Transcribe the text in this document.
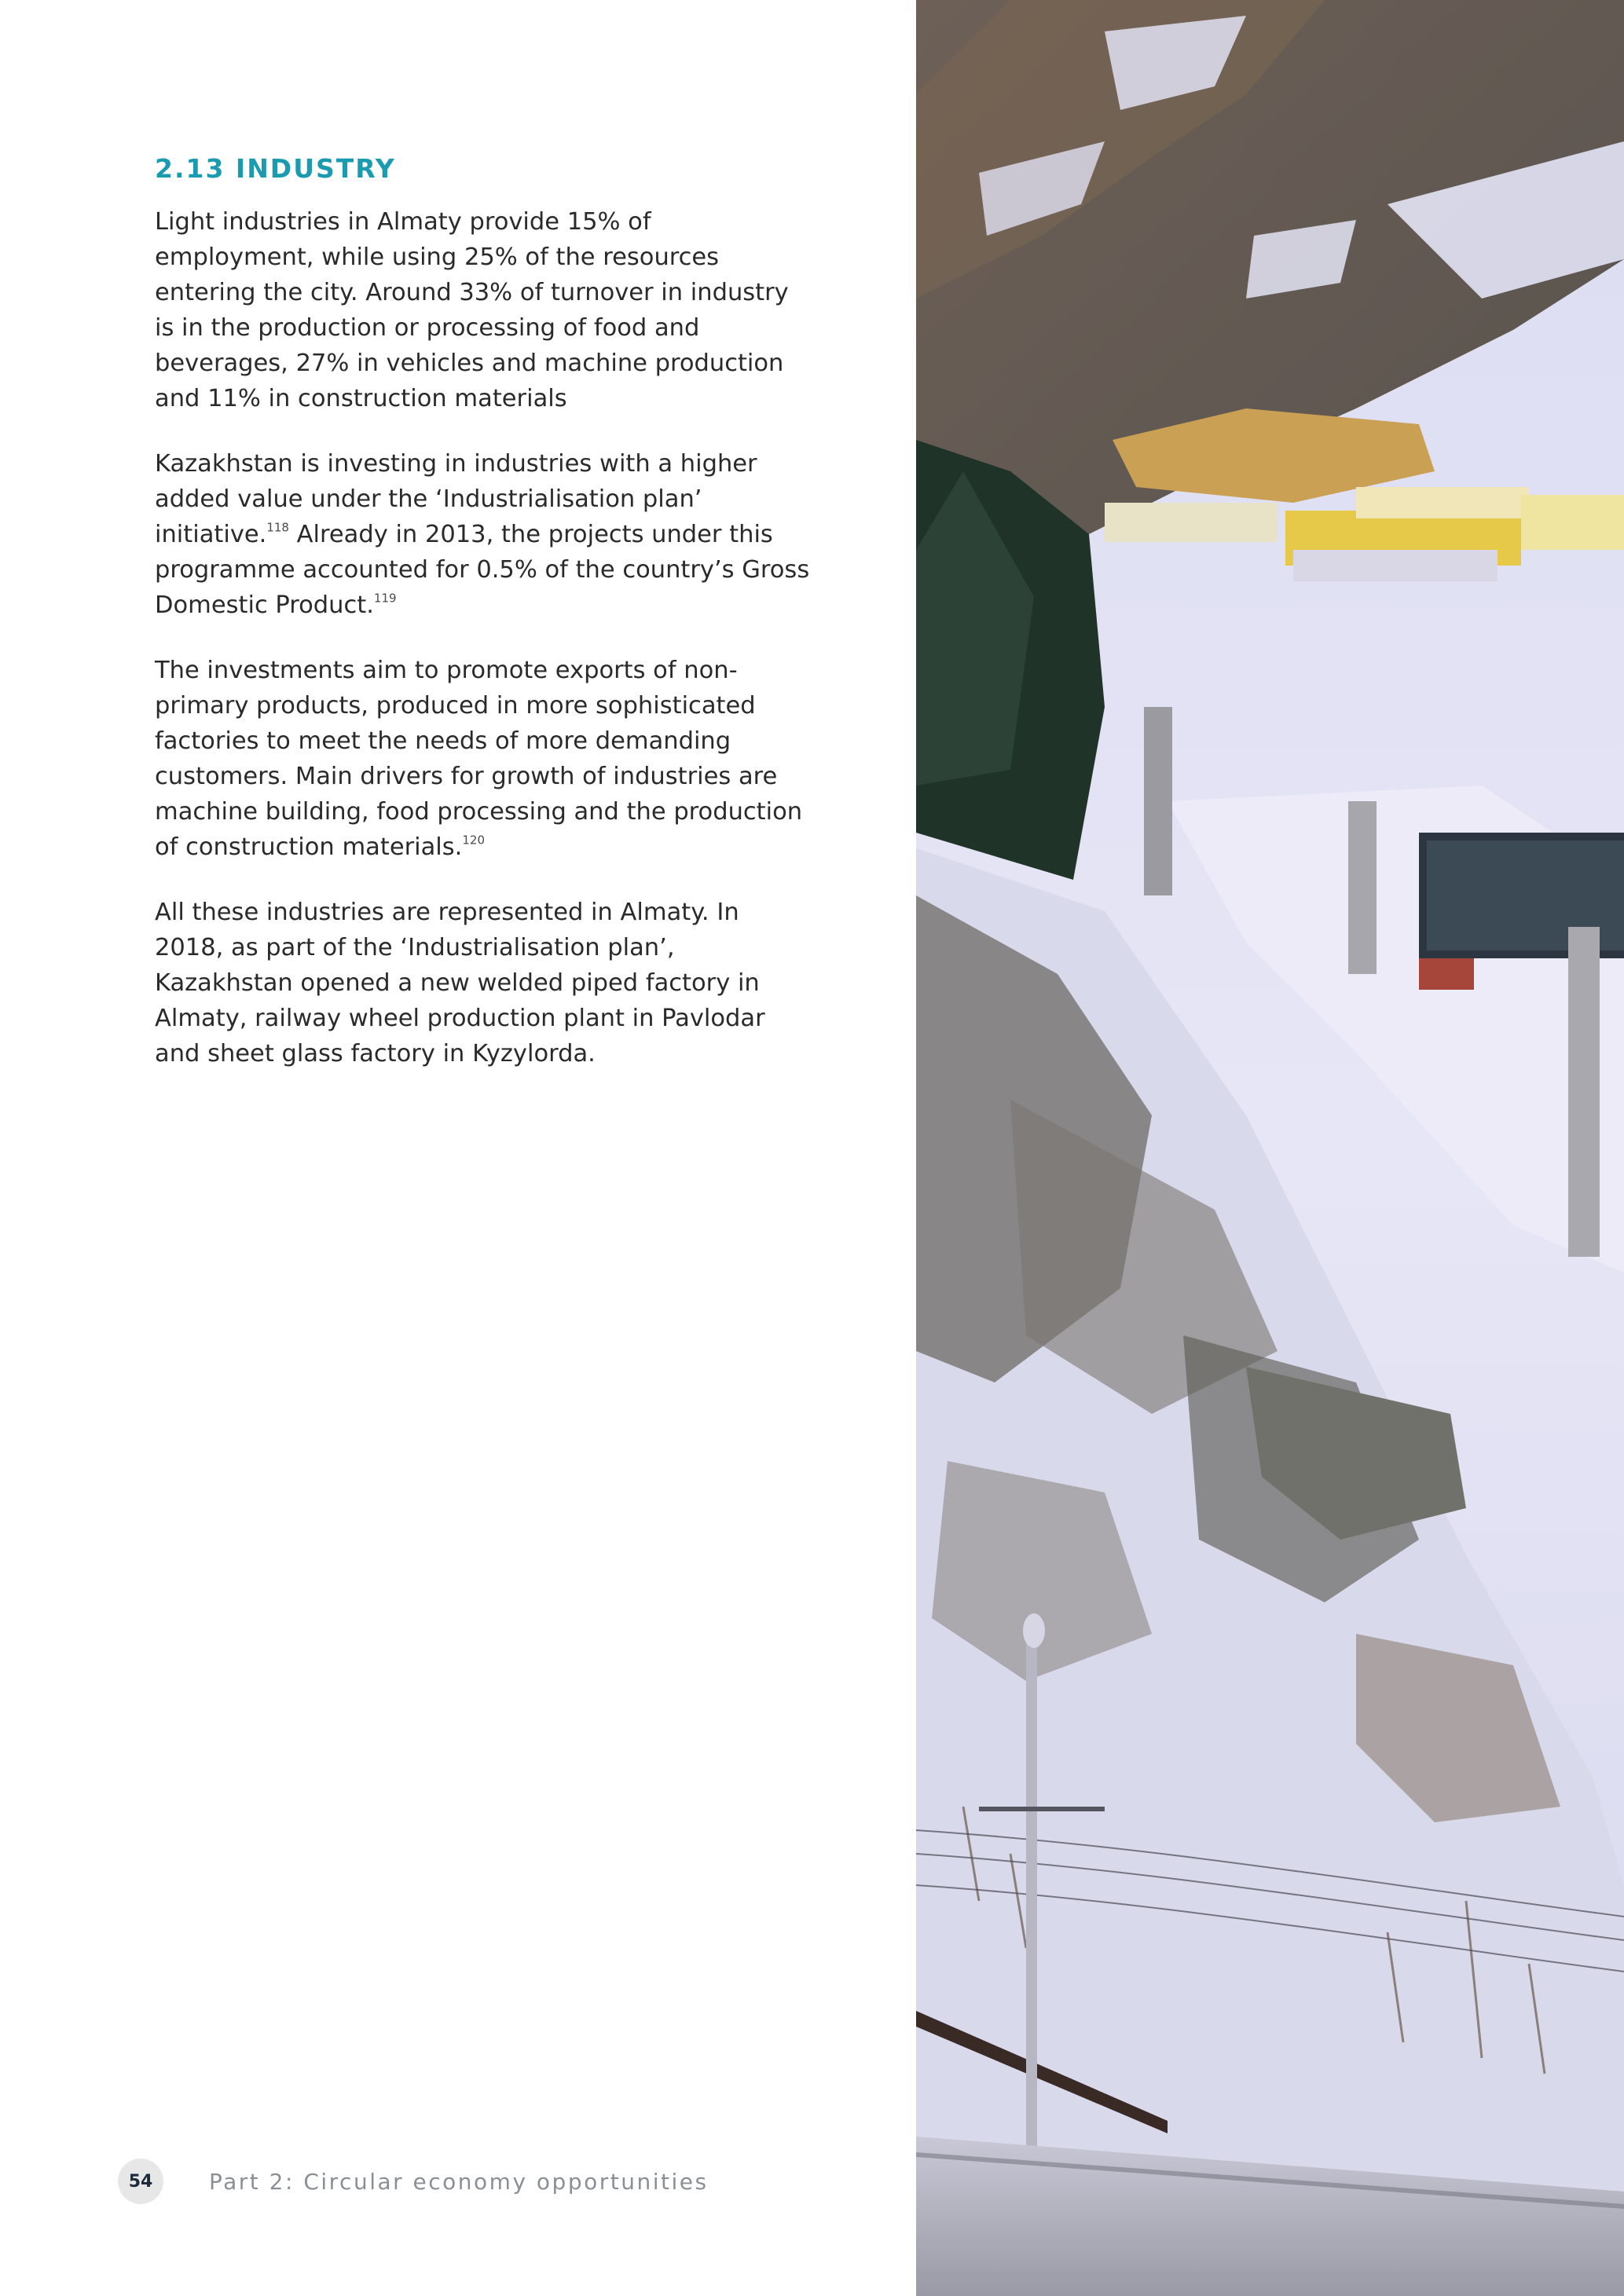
2.13 INDUSTRY

Light industries in Almaty provide 15% of employment, while using 25% of the resources entering the city. Around 33% of turnover in industry is in the production or processing of food and beverages, 27% in vehicles and machine production and 11% in construction materials

Kazakhstan is investing in industries with a higher added value under the ‘Industrialisation plan’ initiative.$^{118}$ Already in 2013, the projects under this programme accounted for 0.5% of the country’s Gross Domestic Product.$^{119}$

The investments aim to promote exports of non-primary products, produced in more sophisticated factories to meet the needs of more demanding customers. Main drivers for growth of industries are machine building, food processing and the production of construction materials.$^{120}$

All these industries are represented in Almaty. In 2018, as part of the ‘Industrialisation plan’, Kazakhstan opened a new welded piped factory in Almaty, railway wheel production plant in Pavlodar and sheet glass factory in Kyzylorda.

54	Part 2: Circular economy opportunities
